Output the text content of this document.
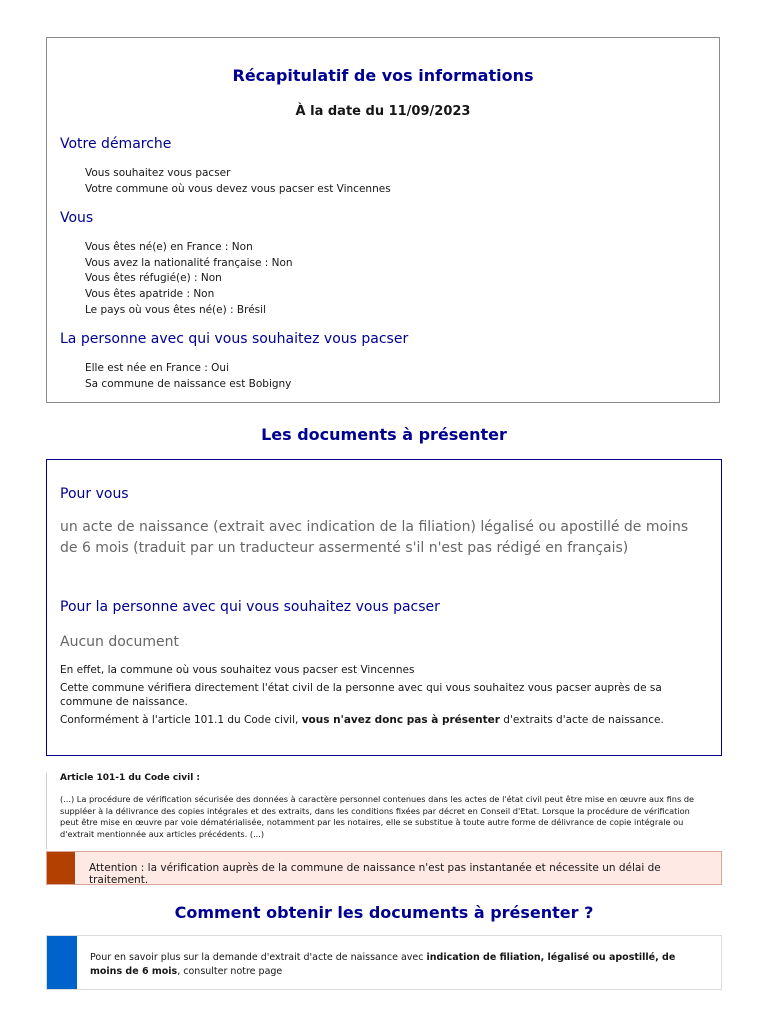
Récapitulatif de vos informations
À la date du 11/09/2023
Votre démarche
Vous souhaitez vous pacser
Votre commune où vous devez vous pacser est Vincennes
Vous
Vous êtes né(e) en France : Non
Vous avez la nationalité française : Non
Vous êtes réfugié(e) : Non
Vous êtes apatride : Non
Le pays où vous êtes né(e) : Brésil
La personne avec qui vous souhaitez vous pacser
Elle est née en France : Oui
Sa commune de naissance est Bobigny
Les documents à présenter
Pour vous
un acte de naissance (extrait avec indication de la filiation) légalisé ou apostillé de moins de 6 mois (traduit par un traducteur assermenté s'il n'est pas rédigé en français)
Pour la personne avec qui vous souhaitez vous pacser
Aucun document
En effet, la commune où vous souhaitez vous pacser est Vincennes
Cette commune vérifiera directement l'état civil de la personne avec qui vous souhaitez vous pacser auprès de sa commune de naissance.
Conformément à l'article 101.1 du Code civil, vous n'avez donc pas à présenter d'extraits d'acte de naissance.
Article 101-1 du Code civil :
(...) La procédure de vérification sécurisée des données à caractère personnel contenues dans les actes de l'état civil peut être mise en œuvre aux fins de suppléer à la délivrance des copies intégrales et des extraits, dans les conditions fixées par décret en Conseil d'Etat. Lorsque la procédure de vérification peut être mise en œuvre par voie dématérialisée, notamment par les notaires, elle se substitue à toute autre forme de délivrance de copie intégrale ou d'extrait mentionnée aux articles précédents. (...)
Attention : la vérification auprès de la commune de naissance n'est pas instantanée et nécessite un délai de traitement.
Comment obtenir les documents à présenter ?
Pour en savoir plus sur la demande d'extrait d'acte de naissance avec indication de filiation, légalisé ou apostillé, de moins de 6 mois, consulter notre page
